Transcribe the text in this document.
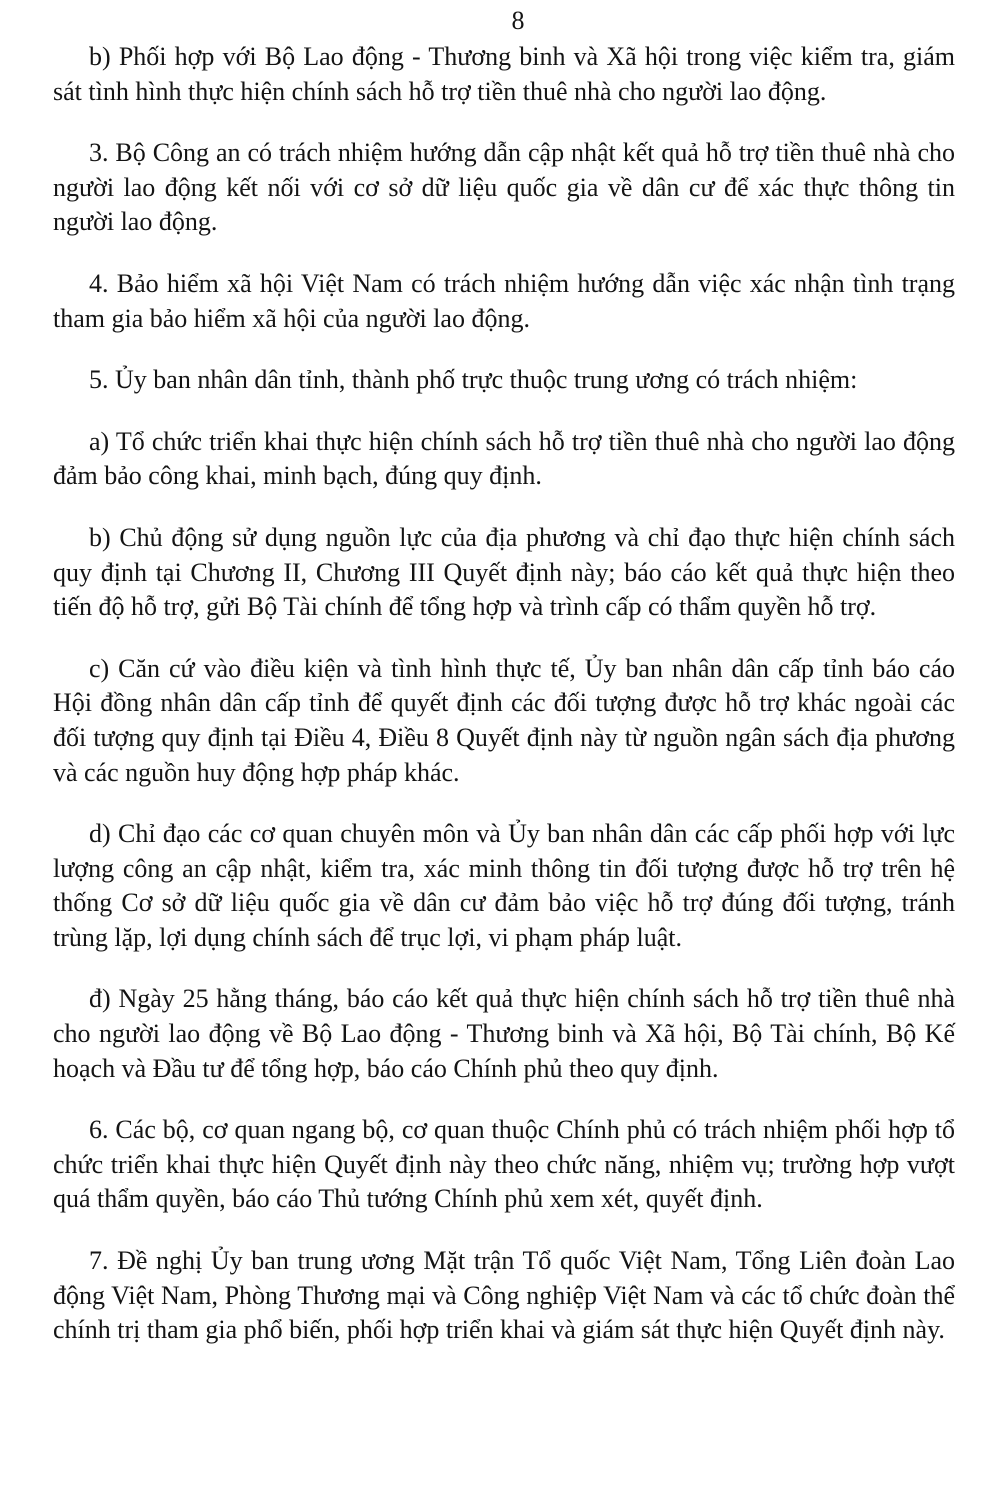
8

b) Phối hợp với Bộ Lao động - Thương binh và Xã hội trong việc kiểm tra, giám sát tình hình thực hiện chính sách hỗ trợ tiền thuê nhà cho người lao động.

3. Bộ Công an có trách nhiệm hướng dẫn cập nhật kết quả hỗ trợ tiền thuê nhà cho người lao động kết nối với cơ sở dữ liệu quốc gia về dân cư để xác thực thông tin người lao động.

4. Bảo hiểm xã hội Việt Nam có trách nhiệm hướng dẫn việc xác nhận tình trạng tham gia bảo hiểm xã hội của người lao động.

5. Ủy ban nhân dân tỉnh, thành phố trực thuộc trung ương có trách nhiệm:

a) Tổ chức triển khai thực hiện chính sách hỗ trợ tiền thuê nhà cho người lao động đảm bảo công khai, minh bạch, đúng quy định.

b) Chủ động sử dụng nguồn lực của địa phương và chỉ đạo thực hiện chính sách quy định tại Chương II, Chương III Quyết định này; báo cáo kết quả thực hiện theo tiến độ hỗ trợ, gửi Bộ Tài chính để tổng hợp và trình cấp có thẩm quyền hỗ trợ.

c) Căn cứ vào điều kiện và tình hình thực tế, Ủy ban nhân dân cấp tỉnh báo cáo Hội đồng nhân dân cấp tỉnh để quyết định các đối tượng được hỗ trợ khác ngoài các đối tượng quy định tại Điều 4, Điều 8 Quyết định này từ nguồn ngân sách địa phương và các nguồn huy động hợp pháp khác.

d) Chỉ đạo các cơ quan chuyên môn và Ủy ban nhân dân các cấp phối hợp với lực lượng công an cập nhật, kiểm tra, xác minh thông tin đối tượng được hỗ trợ trên hệ thống Cơ sở dữ liệu quốc gia về dân cư đảm bảo việc hỗ trợ đúng đối tượng, tránh trùng lặp, lợi dụng chính sách để trục lợi, vi phạm pháp luật.

đ) Ngày 25 hằng tháng, báo cáo kết quả thực hiện chính sách hỗ trợ tiền thuê nhà cho người lao động về Bộ Lao động - Thương binh và Xã hội, Bộ Tài chính, Bộ Kế hoạch và Đầu tư để tổng hợp, báo cáo Chính phủ theo quy định.

6. Các bộ, cơ quan ngang bộ, cơ quan thuộc Chính phủ có trách nhiệm phối hợp tổ chức triển khai thực hiện Quyết định này theo chức năng, nhiệm vụ; trường hợp vượt quá thẩm quyền, báo cáo Thủ tướng Chính phủ xem xét, quyết định.

7. Đề nghị Ủy ban trung ương Mặt trận Tổ quốc Việt Nam, Tổng Liên đoàn Lao động Việt Nam, Phòng Thương mại và Công nghiệp Việt Nam và các tổ chức đoàn thể chính trị tham gia phổ biến, phối hợp triển khai và giám sát thực hiện Quyết định này.
